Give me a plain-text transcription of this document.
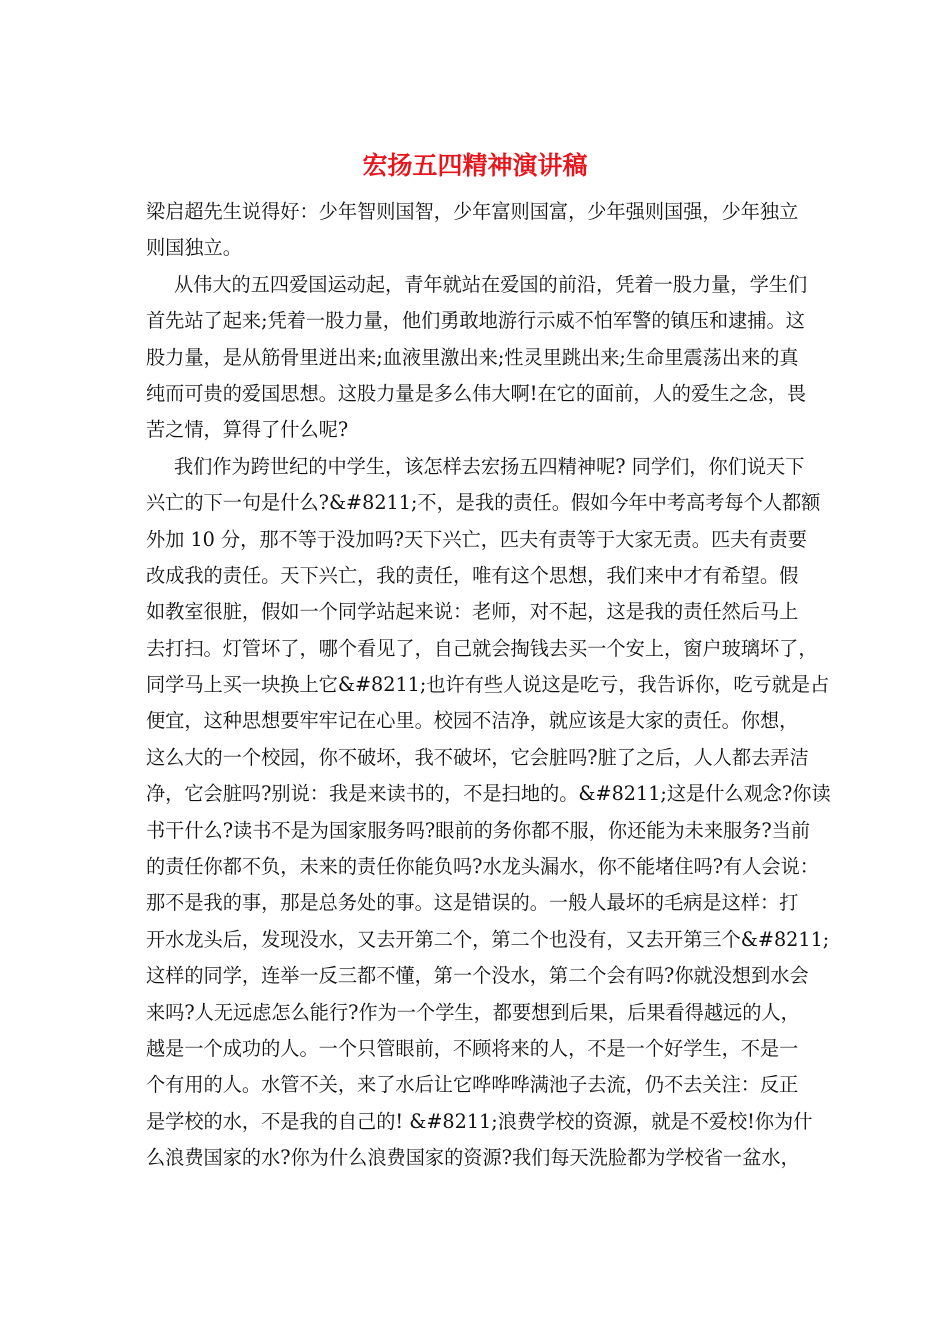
宏扬五四精神演讲稿
梁启超先生说得好：少年智则国智，少年富则国富，少年强则国强，少年独立
则国独立。
从伟大的五四爱国运动起，青年就站在爱国的前沿，凭着一股力量，学生们
首先站了起来;凭着一股力量，他们勇敢地游行示威不怕军警的镇压和逮捕。这
股力量，是从筋骨里迸出来;血液里激出来;性灵里跳出来;生命里震荡出来的真
纯而可贵的爱国思想。这股力量是多么伟大啊!在它的面前，人的爱生之念，畏
苦之情，算得了什么呢?
我们作为跨世纪的中学生，该怎样去宏扬五四精神呢? 同学们，你们说天下
兴亡的下一句是什么?&#8211;不，是我的责任。假如今年中考高考每个人都额
外加 10 分，那不等于没加吗?天下兴亡，匹夫有责等于大家无责。匹夫有责要
改成我的责任。天下兴亡，我的责任，唯有这个思想，我们来中才有希望。假
如教室很脏，假如一个同学站起来说：老师，对不起，这是我的责任然后马上
去打扫。灯管坏了，哪个看见了，自己就会掏钱去买一个安上，窗户玻璃坏了，
同学马上买一块换上它&#8211;也许有些人说这是吃亏，我告诉你，吃亏就是占
便宜，这种思想要牢牢记在心里。校园不洁净，就应该是大家的责任。你想，
这么大的一个校园，你不破坏，我不破坏，它会脏吗?脏了之后，人人都去弄洁
净，它会脏吗?别说：我是来读书的，不是扫地的。&#8211;这是什么观念?你读
书干什么?读书不是为国家服务吗?眼前的务你都不服，你还能为未来服务?当前
的责任你都不负，未来的责任你能负吗?水龙头漏水，你不能堵住吗?有人会说：
那不是我的事，那是总务处的事。这是错误的。一般人最坏的毛病是这样：打
开水龙头后，发现没水，又去开第二个，第二个也没有，又去开第三个&#8211;
这样的同学，连举一反三都不懂，第一个没水，第二个会有吗?你就没想到水会
来吗?人无远虑怎么能行?作为一个学生，都要想到后果，后果看得越远的人，
越是一个成功的人。一个只管眼前，不顾将来的人，不是一个好学生，不是一
个有用的人。水管不关，来了水后让它哗哗哗满池子去流，仍不去关注：反正
是学校的水，不是我的自己的! &#8211;浪费学校的资源，就是不爱校!你为什
么浪费国家的水?你为什么浪费国家的资源?我们每天洗脸都为学校省一盆水，
